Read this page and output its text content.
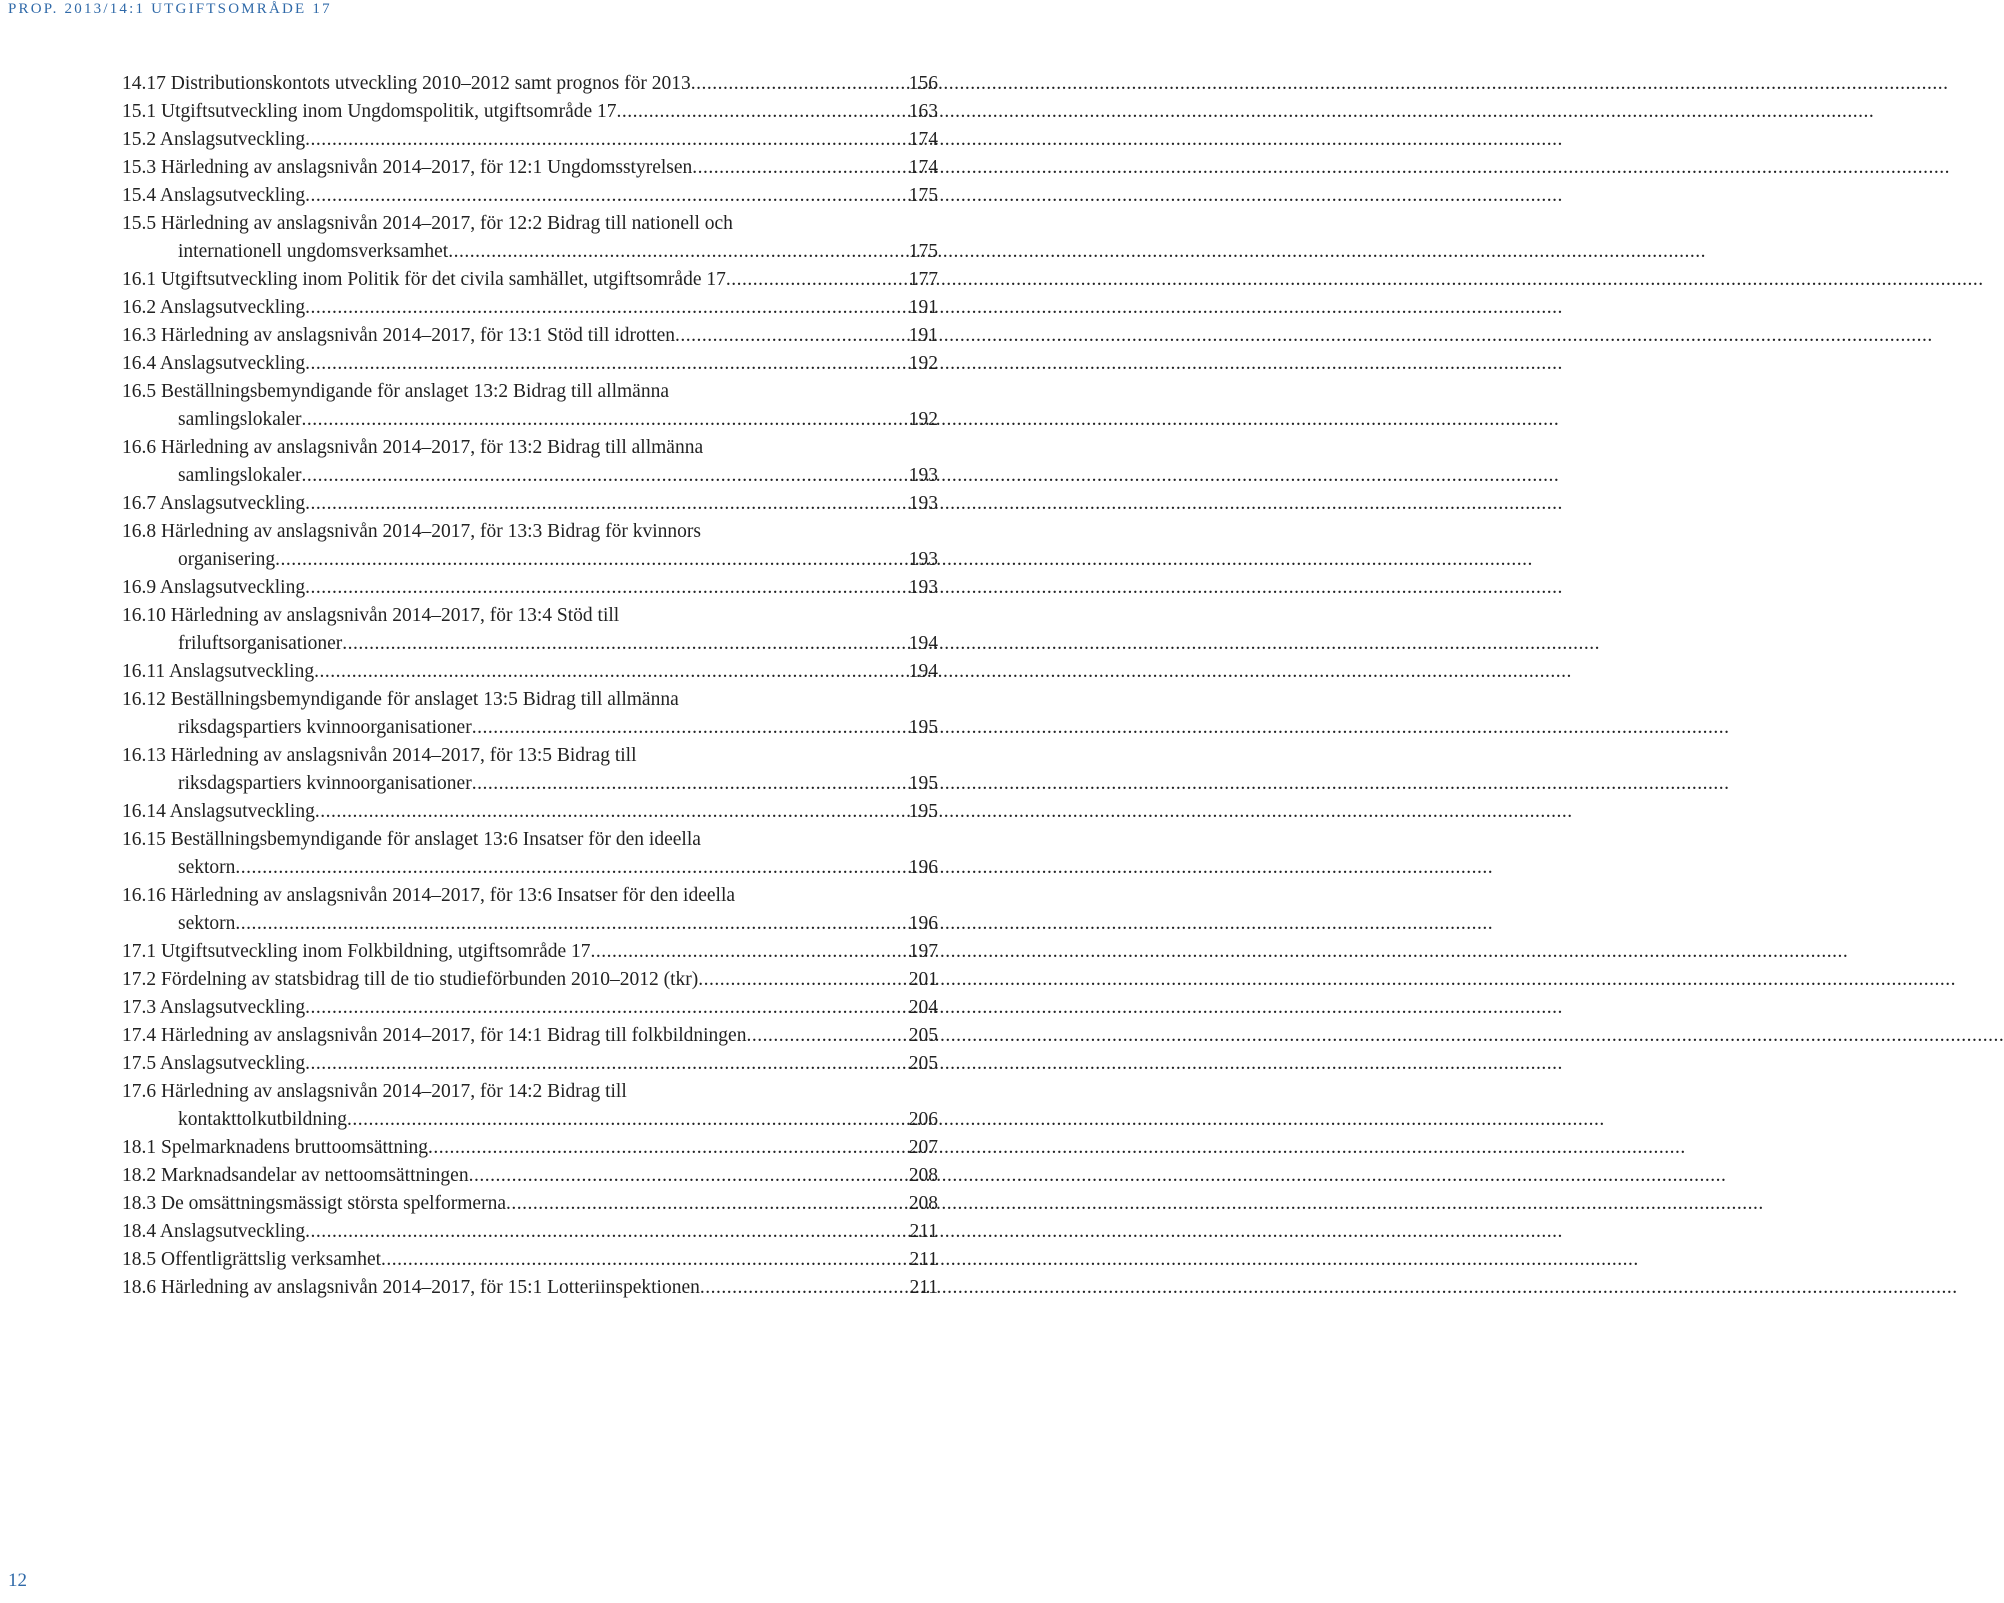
PROP. 2013/14:1 UTGIFTSOMRÅDE 17
14.17 Distributionskontots utveckling 2010–2012 samt prognos för 2013 .....	156
15.1 Utgiftsutveckling inom Ungdomspolitik, utgiftsområde 17 .....	163
15.2 Anslagsutveckling .....	174
15.3 Härledning av anslagsnivån 2014–2017, för 12:1 Ungdomsstyrelsen .....	174
15.4 Anslagsutveckling .....	175
15.5 Härledning av anslagsnivån 2014–2017, för 12:2 Bidrag till nationell och
internationell ungdomsverksamhet .....	175
16.1 Utgiftsutveckling inom Politik för det civila samhället, utgiftsområde 17 .....	177
16.2 Anslagsutveckling .....	191
16.3 Härledning av anslagsnivån 2014–2017, för 13:1 Stöd till idrotten .....	191
16.4 Anslagsutveckling .....	192
16.5 Beställningsbemyndigande för anslaget 13:2 Bidrag till allmänna
samlingslokaler .....	192
16.6 Härledning av anslagsnivån 2014–2017, för 13:2 Bidrag till allmänna
samlingslokaler .....	193
16.7 Anslagsutveckling .....	193
16.8 Härledning av anslagsnivån 2014–2017, för 13:3 Bidrag för kvinnors
organisering .....	193
16.9 Anslagsutveckling .....	193
16.10 Härledning av anslagsnivån 2014–2017, för 13:4 Stöd till
friluftsorganisationer .....	194
16.11 Anslagsutveckling .....	194
16.12 Beställningsbemyndigande för anslaget 13:5 Bidrag till allmänna
riksdagspartiers kvinnoorganisationer .....	195
16.13 Härledning av anslagsnivån 2014–2017, för 13:5 Bidrag till
riksdagspartiers kvinnoorganisationer .....	195
16.14 Anslagsutveckling .....	195
16.15 Beställningsbemyndigande för anslaget 13:6 Insatser för den ideella
sektorn .....	196
16.16 Härledning av anslagsnivån 2014–2017, för 13:6 Insatser för den ideella
sektorn .....	196
17.1 Utgiftsutveckling inom Folkbildning, utgiftsområde 17 .....	197
17.2 Fördelning av statsbidrag till de tio studieförbunden 2010–2012 (tkr) .....	201
17.3 Anslagsutveckling .....	204
17.4 Härledning av anslagsnivån 2014–2017, för 14:1 Bidrag till folkbildningen .....	205
17.5 Anslagsutveckling .....	205
17.6 Härledning av anslagsnivån 2014–2017, för 14:2 Bidrag till
kontakttolkutbildning .....	206
18.1 Spelmarknadens bruttoomsättning .....	207
18.2 Marknadsandelar av nettoomsättningen .....	208
18.3 De omsättningsmässigt största spelformerna .....	208
18.4 Anslagsutveckling .....	211
18.5 Offentligrättslig verksamhet .....	211
18.6 Härledning av anslagsnivån 2014–2017, för 15:1 Lotteriinspektionen .....	211
12
